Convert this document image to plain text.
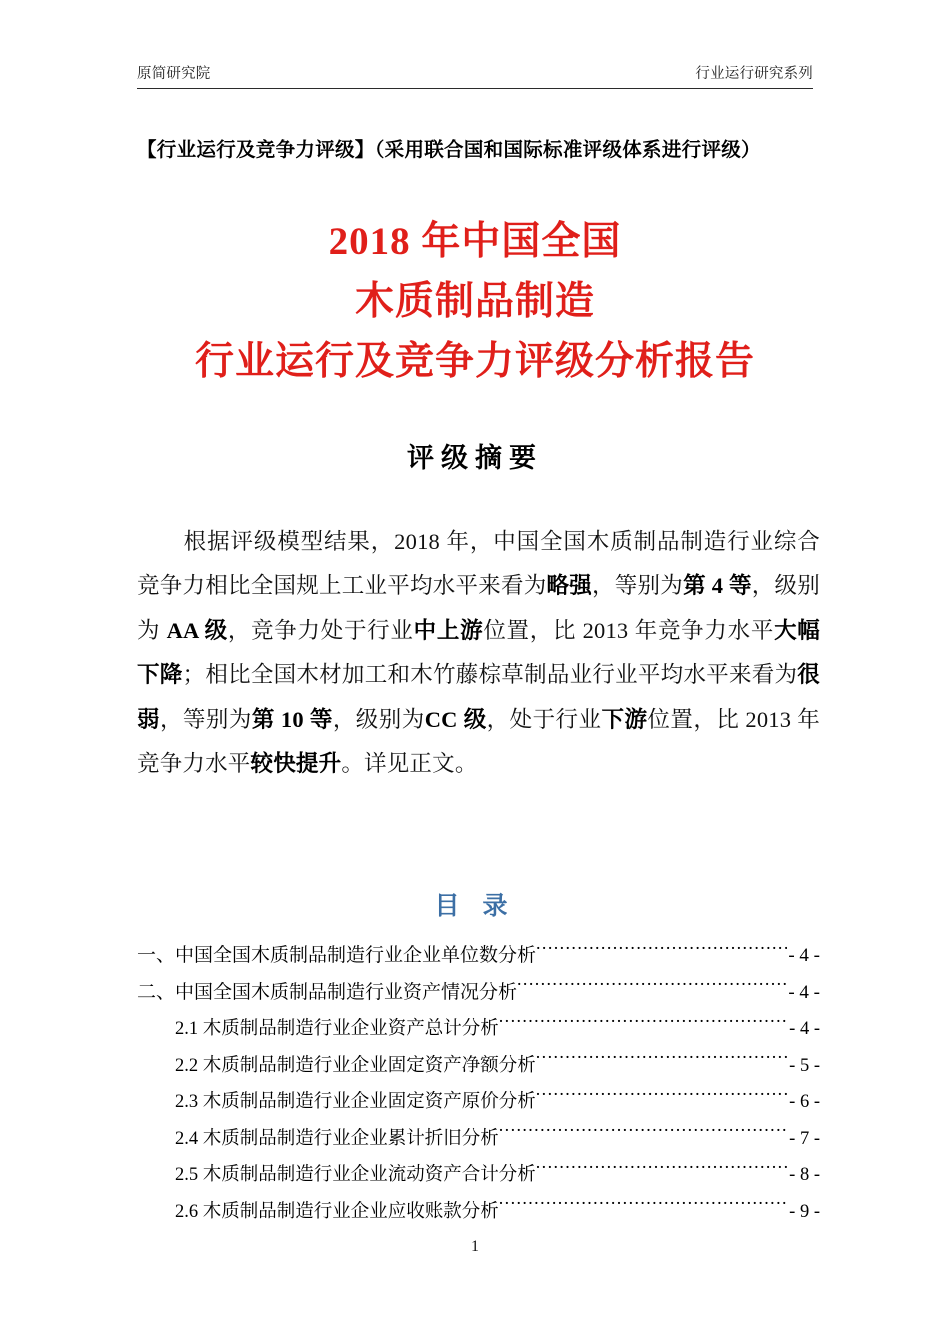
原简研究院	行业运行研究系列
【行业运行及竞争力评级】（采用联合国和国际标准评级体系进行评级）
2018 年中国全国
木质制品制造
行业运行及竞争力评级分析报告
评级摘要

根据评级模型结果，2018 年，中国全国木质制品制造行业综合竞争力相比全国规上工业平均水平来看为略强，等别为第 4 等，级别为 AA 级，竞争力处于行业中上游位置，比 2013 年竞争力水平大幅下降；相比全国木材加工和木竹藤棕草制品业行业平均水平来看为很弱，等别为第 10 等，级别为CC 级，处于行业下游位置，比 2013 年竞争力水平较快提升。详见正文。

目 录
一、中国全国木质制品制造行业企业单位数分析 .....	- 4 -
二、中国全国木质制品制造行业资产情况分析 .....	- 4 -
2.1 木质制品制造行业企业资产总计分析 .....	- 4 -
2.2 木质制品制造行业企业固定资产净额分析 .....	- 5 -
2.3 木质制品制造行业企业固定资产原价分析 .....	- 6 -
2.4 木质制品制造行业企业累计折旧分析 .....	- 7 -
2.5 木质制品制造行业企业流动资产合计分析 .....	- 8 -
2.6 木质制品制造行业企业应收账款分析 .....	- 9 -
1
